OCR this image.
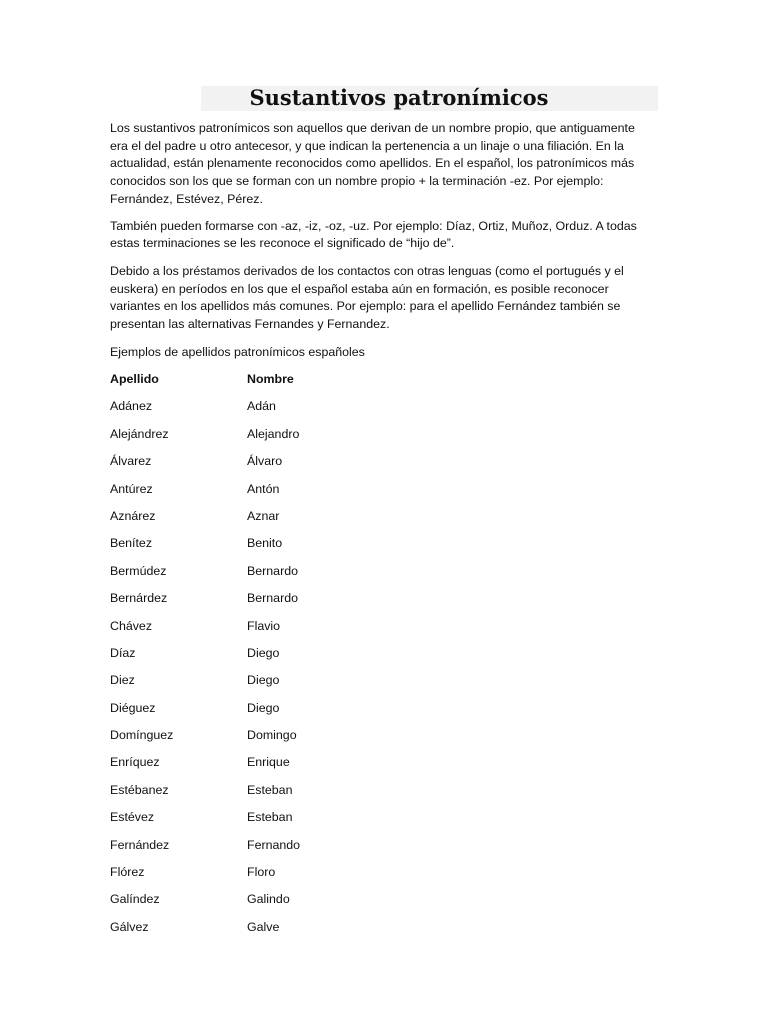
Sustantivos patronímicos

Los sustantivos patronímicos son aquellos que derivan de un nombre propio, que antiguamente era el del padre u otro antecesor, y que indican la pertenencia a un linaje o una filiación. En la actualidad, están plenamente reconocidos como apellidos. En el español, los patronímicos más conocidos son los que se forman con un nombre propio + la terminación -ez. Por ejemplo: Fernández, Estévez, Pérez.

También pueden formarse con -az, -iz, -oz, -uz. Por ejemplo: Díaz, Ortiz, Muñoz, Orduz. A todas estas terminaciones se les reconoce el significado de “hijo de”.

Debido a los préstamos derivados de los contactos con otras lenguas (como el portugués y el euskera) en períodos en los que el español estaba aún en formación, es posible reconocer variantes en los apellidos más comunes. Por ejemplo: para el apellido Fernández también se presentan las alternativas Fernandes y Fernandez.

Ejemplos de apellidos patronímicos españoles

Apellido	Nombre
Adánez	Adán
Alejándrez	Alejandro
Álvarez	Álvaro
Antúrez	Antón
Aznárez	Aznar
Benítez	Benito
Bermúdez	Bernardo
Bernárdez	Bernardo
Chávez	Flavio
Díaz	Diego
Diez	Diego
Diéguez	Diego
Domínguez	Domingo
Enríquez	Enrique
Estébanez	Esteban
Estévez	Esteban
Fernández	Fernando
Flórez	Floro
Galíndez	Galindo
Gálvez	Galve
